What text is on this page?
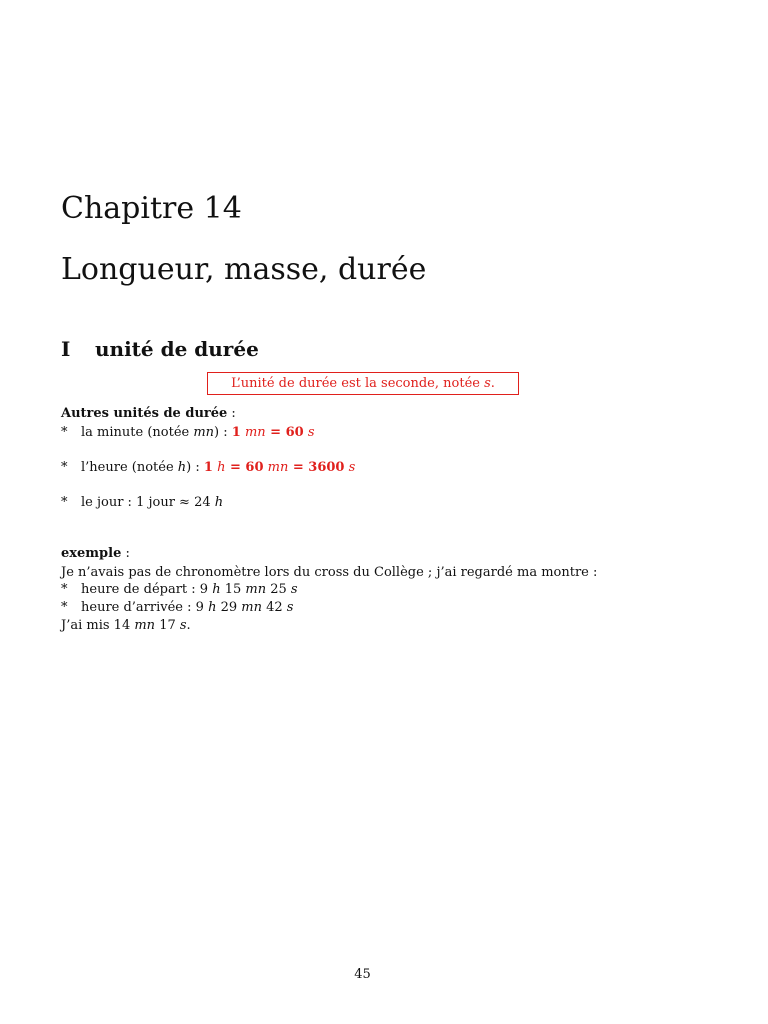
Chapitre 14
Longueur, masse, durée
I unité de durée
L’unité de durée est la seconde, notée s.
Autres unités de durée :
* la minute (notée mn) : 1 mn = 60 s
* l’heure (notée h) : 1 h = 60 mn = 3600 s
* le jour : 1 jour ≈ 24 h
exemple :
Je n’avais pas de chronomètre lors du cross du Collège ; j’ai regardé ma montre :
* heure de départ : 9 h 15 mn 25 s
* heure d’arrivée : 9 h 29 mn 42 s
J’ai mis 14 mn 17 s.
45
